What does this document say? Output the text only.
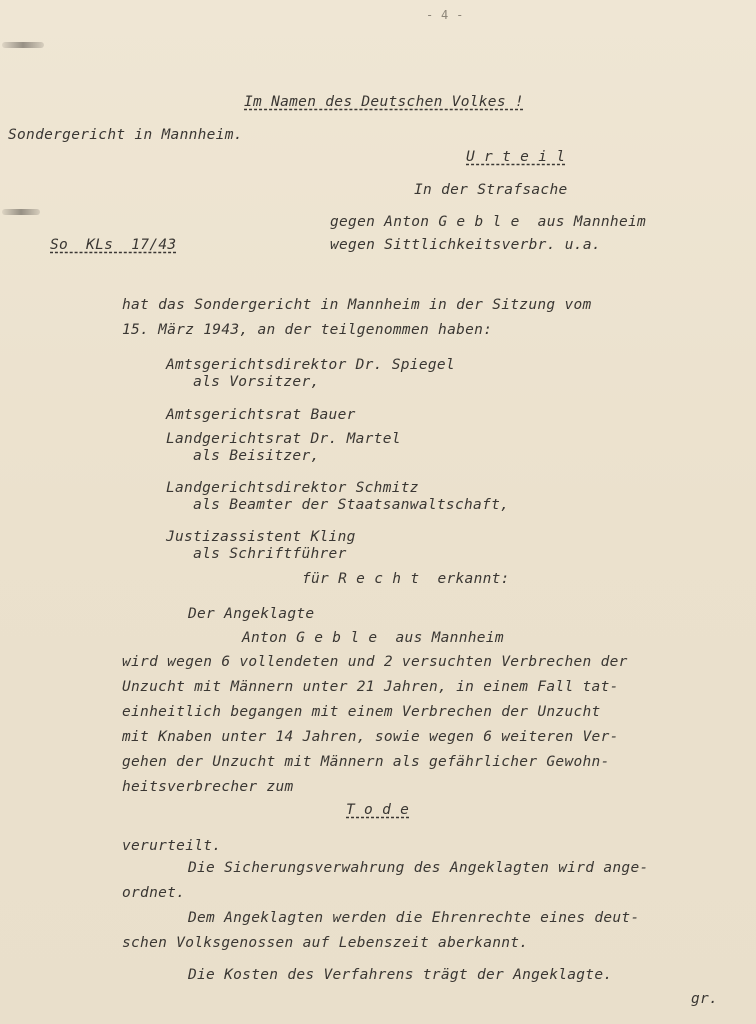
- 4 -
Im Namen des Deutschen Volkes !
Sondergericht in Mannheim.
U r t e i l
In der Strafsache
gegen Anton G e b l e  aus Mannheim
So  KLs  17/43	wegen Sittlichkeitsverbr. u.a.
hat das Sondergericht in Mannheim in der Sitzung vom
15. März 1943, an der teilgenommen haben:
Amtsgerichtsdirektor Dr. Spiegel
als Vorsitzer,
Amtsgerichtsrat Bauer
Landgerichtsrat Dr. Martel
als Beisitzer,
Landgerichtsdirektor Schmitz
als Beamter der Staatsanwaltschaft,
Justizassistent Kling
als Schriftführer
für R e c h t  erkannt:
Der Angeklagte
Anton G e b l e  aus Mannheim
wird wegen 6 vollendeten und 2 versuchten Verbrechen der
Unzucht mit Männern unter 21 Jahren, in einem Fall tat-
einheitlich begangen mit einem Verbrechen der Unzucht
mit Knaben unter 14 Jahren, sowie wegen 6 weiteren Ver-
gehen der Unzucht mit Männern als gefährlicher Gewohn-
heitsverbrecher zum
T o d e
verurteilt.
Die Sicherungsverwahrung des Angeklagten wird ange-
ordnet.
Dem Angeklagten werden die Ehrenrechte eines deut-
schen Volksgenossen auf Lebenszeit aberkannt.
Die Kosten des Verfahrens trägt der Angeklagte.
gr.
